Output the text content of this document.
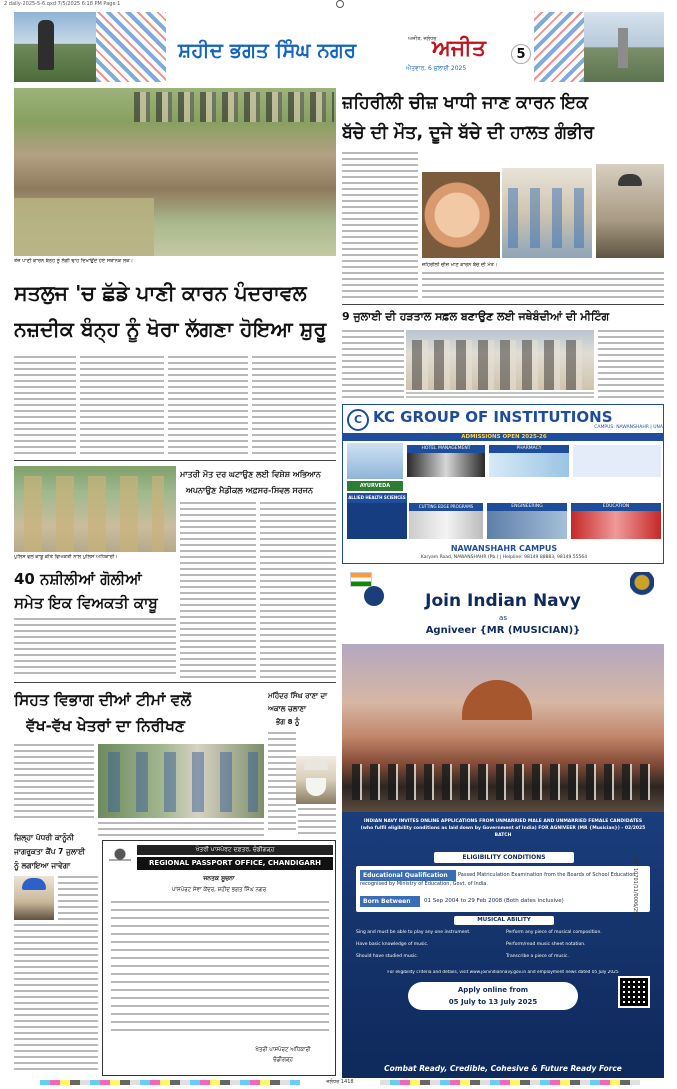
2 daily-2025-5-6.qxd 7/5/2025 6:18 PM Page 1
ਸ਼ਹੀਦ ਭਗਤ ਸਿੰਘ ਨਗਰ	ਅਜੀਤ, ਜਲੰਧਰ
ਅਜੀਤ
ਐਤਵਾਰ, 6 ਜੁਲਾਈ 2025
5
ਤੇਜ਼ ਪਾਣੀ ਕਾਰਨ ਬੰਨ੍ਹ ਨੂੰ ਲੱਗੀ ਢਾਹ ਦਿਖਾਉਂਦੇ ਹੋਏ ਸਥਾਨਕ ਲੋਕ।
ਸਤਲੁਜ 'ਚ ਛੱਡੇ ਪਾਣੀ ਕਾਰਨ ਪੰਦਰਾਵਲ
ਨਜ਼ਦੀਕ ਬੰਨ੍ਹ ਨੂੰ ਖੋਰਾ ਲੱਗਣਾ ਹੋਇਆ ਸ਼ੁਰੂ
ਪੁਲਿਸ ਵਲੋਂ ਕਾਬੂ ਕੀਤੇ ਵਿਅਕਤੀ ਨਾਲ ਪੁਲਿਸ ਅਧਿਕਾਰੀ।
40 ਨਸ਼ੀਲੀਆਂ ਗੋਲੀਆਂ
ਸਮੇਤ ਇਕ ਵਿਅਕਤੀ ਕਾਬੂ
ਮਾਤਰੀ ਮੌਤ ਦਰ ਘਟਾਉਣ ਲਈ ਵਿਸ਼ੇਸ਼ ਅਭਿਆਨ
ਅਪਨਾਉਣ ਮੈਡੀਕਲ ਅਫ਼ਸਰ-ਸਿਵਲ ਸਰਜਨ
ਸਿਹਤ ਵਿਭਾਗ ਦੀਆਂ ਟੀਮਾਂ ਵਲੋਂ
ਵੱਖ-ਵੱਖ ਖੇਤਰਾਂ ਦਾ ਨਿਰੀਖਣ
ਮਹਿੰਦਰ ਸਿੰਘ ਰਾਣਾ ਦਾ
ਅਕਾਲ ਚਲਾਣਾ
ਭੋਗ 8 ਨੂੰ
ਜ਼ਿਲ੍ਹਾ ਪੱਧਰੀ ਕਾਨੂੰਨੀ
ਜਾਗਰੂਕਤਾ ਕੈਂਪ 7 ਜੁਲਾਈ
ਨੂੰ ਲਗਾਇਆ ਜਾਵੇਗਾ
ਖੇਤਰੀ ਪਾਸਪੋਰਟ ਦਫ਼ਤਰ, ਚੰਡੀਗੜ੍ਹ
REGIONAL PASSPORT OFFICE, CHANDIGARH
ਜਨਤਕ ਸੂਚਨਾ
ਪਾਸਪੋਰਟ ਸੇਵਾ ਕੇਂਦਰ, ਸ਼ਹੀਦ ਭਗਤ ਸਿੰਘ ਨਗਰ
ਖੇਤਰੀ ਪਾਸਪੋਰਟ ਅਧਿਕਾਰੀ
ਚੰਡੀਗੜ੍ਹ
ਜ਼ਹਿਰੀਲੀ ਚੀਜ਼ ਖਾਧੀ ਜਾਣ ਕਾਰਨ ਇਕ
ਬੱਚੇ ਦੀ ਮੌਤ, ਦੂਜੇ ਬੱਚੇ ਦੀ ਹਾਲਤ ਗੰਭੀਰ
ਜ਼ਹਿਰੀਲੀ ਚੀਜ਼ ਖਾਣ ਕਾਰਨ ਬੱਚੇ ਦੀ ਮੌਤ।
9 ਜੁਲਾਈ ਦੀ ਹੜਤਾਲ ਸਫ਼ਲ ਬਣਾਉਣ ਲਈ ਜਥੇਬੰਦੀਆਂ ਦੀ ਮੀਟਿੰਗ
C KC GROUP OF INSTITUTIONS
CAMPUS: NAWANSHAHR | UNA
ADMISSIONS OPEN 2025-26
HOTEL MANAGEMENT	PHARMACY
AYURVEDA
ALLIED HEALTH SCIENCES
CUTTING EDGE PROGRAMS	ENGINEERING	EDUCATION
NAWANSHAHR CAMPUS
Karyam Road, NAWANSHAHR (Pb.) | Helpline: 98149 88883, 98149 55564
Join Indian Navy
as
Agniveer {MR (MUSICIAN)}
INDIAN NAVY INVITES ONLINE APPLICATIONS FROM UNMARRIED MALE AND UNMARRIED FEMALE CANDIDATES (who fulfil eligibility conditions as laid down by Government of India) FOR AGNIVEER (MR {Musician}) - 02/2025 BATCH
ELIGIBILITY CONDITIONS
Educational Qualification	Passed Matriculation Examination from the Boards of School Education recognised by Ministry of Education, Govt. of India.
Born Between	01 Sep 2004 to 29 Feb 2008 (Both dates inclusive)
MUSICAL ABILITY
Sing and must be able to play any one instrument.	Perform any piece of musical composition.
Have basic knowledge of music.	Perform/read music sheet notation.
Should have studied music.	Transcribe a piece of music.
For eligibility criteria and details, visit www.joinindiannavy.gov.in and employment news dated 05 July 2025
Apply online from
05 July to 13 July 2025
Combat Ready, Credible, Cohesive & Future Ready Force
CBC 10701/11/0006/2526
ਜਲੰਧਰ 1418
